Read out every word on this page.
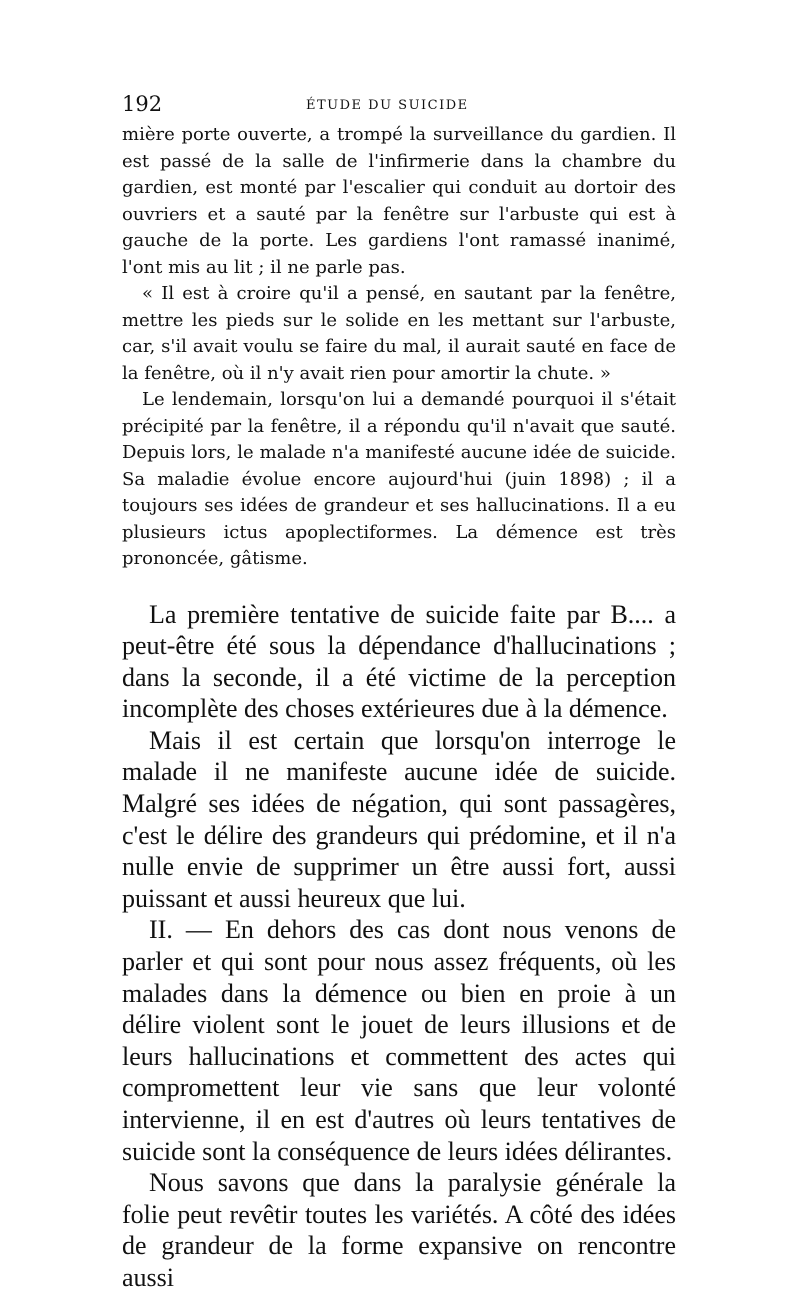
192	ÉTUDE DU SUICIDE

mière porte ouverte, a trompé la surveillance du gardien. Il est passé de la salle de l'infirmerie dans la chambre du gardien, est monté par l'escalier qui conduit au dortoir des ouvriers et a sauté par la fenêtre sur l'arbuste qui est à gauche de la porte. Les gardiens l'ont ramassé inanimé, l'ont mis au lit ; il ne parle pas.

« Il est à croire qu'il a pensé, en sautant par la fenêtre, mettre les pieds sur le solide en les mettant sur l'arbuste, car, s'il avait voulu se faire du mal, il aurait sauté en face de la fenêtre, où il n'y avait rien pour amortir la chute. »

Le lendemain, lorsqu'on lui a demandé pourquoi il s'était précipité par la fenêtre, il a répondu qu'il n'avait que sauté. Depuis lors, le malade n'a manifesté aucune idée de suicide. Sa maladie évolue encore aujourd'hui (juin 1898) ; il a toujours ses idées de grandeur et ses hallucinations. Il a eu plusieurs ictus apoplectiformes. La démence est très prononcée, gâtisme.

La première tentative de suicide faite par B.... a peut-être été sous la dépendance d'hallucinations ; dans la seconde, il a été victime de la perception incomplète des choses extérieures due à la démence.

Mais il est certain que lorsqu'on interroge le malade il ne manifeste aucune idée de suicide. Malgré ses idées de négation, qui sont passagères, c'est le délire des grandeurs qui prédomine, et il n'a nulle envie de supprimer un être aussi fort, aussi puissant et aussi heureux que lui.

II. — En dehors des cas dont nous venons de parler et qui sont pour nous assez fréquents, où les malades dans la démence ou bien en proie à un délire violent sont le jouet de leurs illusions et de leurs hallucinations et commettent des actes qui compromettent leur vie sans que leur volonté intervienne, il en est d'autres où leurs tentatives de suicide sont la conséquence de leurs idées délirantes.

Nous savons que dans la paralysie générale la folie peut revêtir toutes les variétés. A côté des idées de grandeur de la forme expansive on rencontre aussi
